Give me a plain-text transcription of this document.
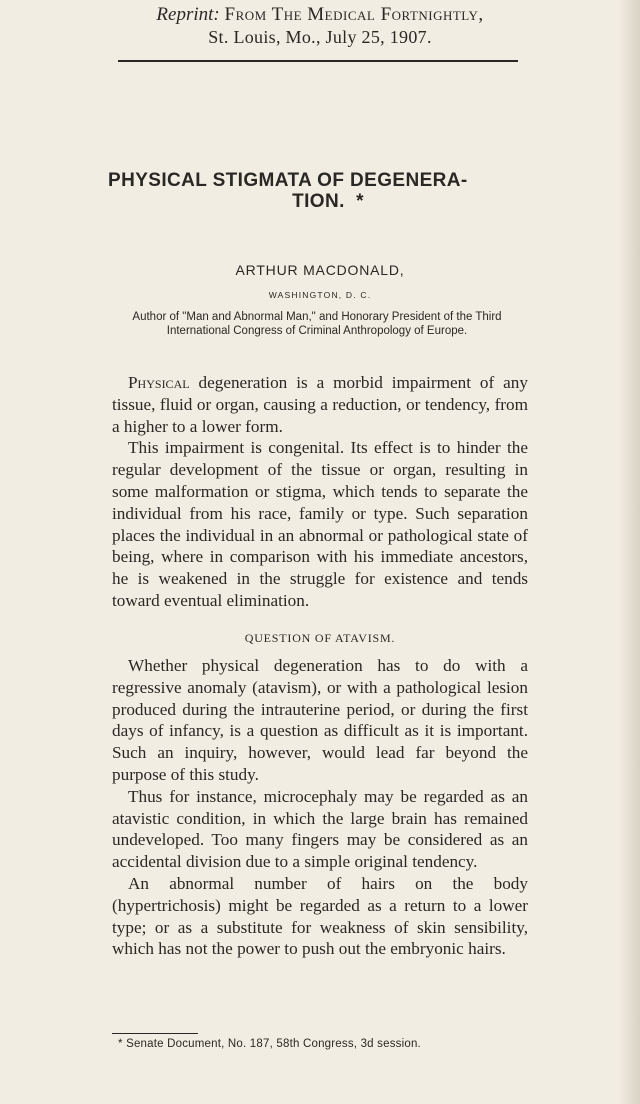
Reprint: From The Medical Fortnightly,
St. Louis, Mo., July 25, 1907.
PHYSICAL STIGMATA OF DEGENERA-
TION. *
ARTHUR MACDONALD,
WASHINGTON, D. C.
Author of "Man and Abnormal Man," and Honorary President of the Third International Congress of Criminal Anthropology of Europe.

Physical degeneration is a morbid impairment of any tissue, fluid or organ, causing a reduction, or tendency, from a higher to a lower form.

This impairment is congenital. Its effect is to hinder the regular development of the tissue or organ, resulting in some malformation or stigma, which tends to separate the individual from his race, family or type. Such separation places the individual in an abnormal or pathological state of being, where in comparison with his immediate ancestors, he is weakened in the struggle for existence and tends toward eventual elimination.

QUESTION OF ATAVISM.

Whether physical degeneration has to do with a regressive anomaly (atavism), or with a pathological lesion produced during the intrauterine period, or during the first days of infancy, is a question as difficult as it is important. Such an inquiry, however, would lead far beyond the purpose of this study.

Thus for instance, microcephaly may be regarded as an atavistic condition, in which the large brain has remained undeveloped. Too many fingers may be considered as an accidental division due to a simple original tendency.

An abnormal number of hairs on the body (hypertrichosis) might be regarded as a return to a lower type; or as a substitute for weakness of skin sensibility, which has not the power to push out the embryonic hairs.

* Senate Document, No. 187, 58th Congress, 3d session.
